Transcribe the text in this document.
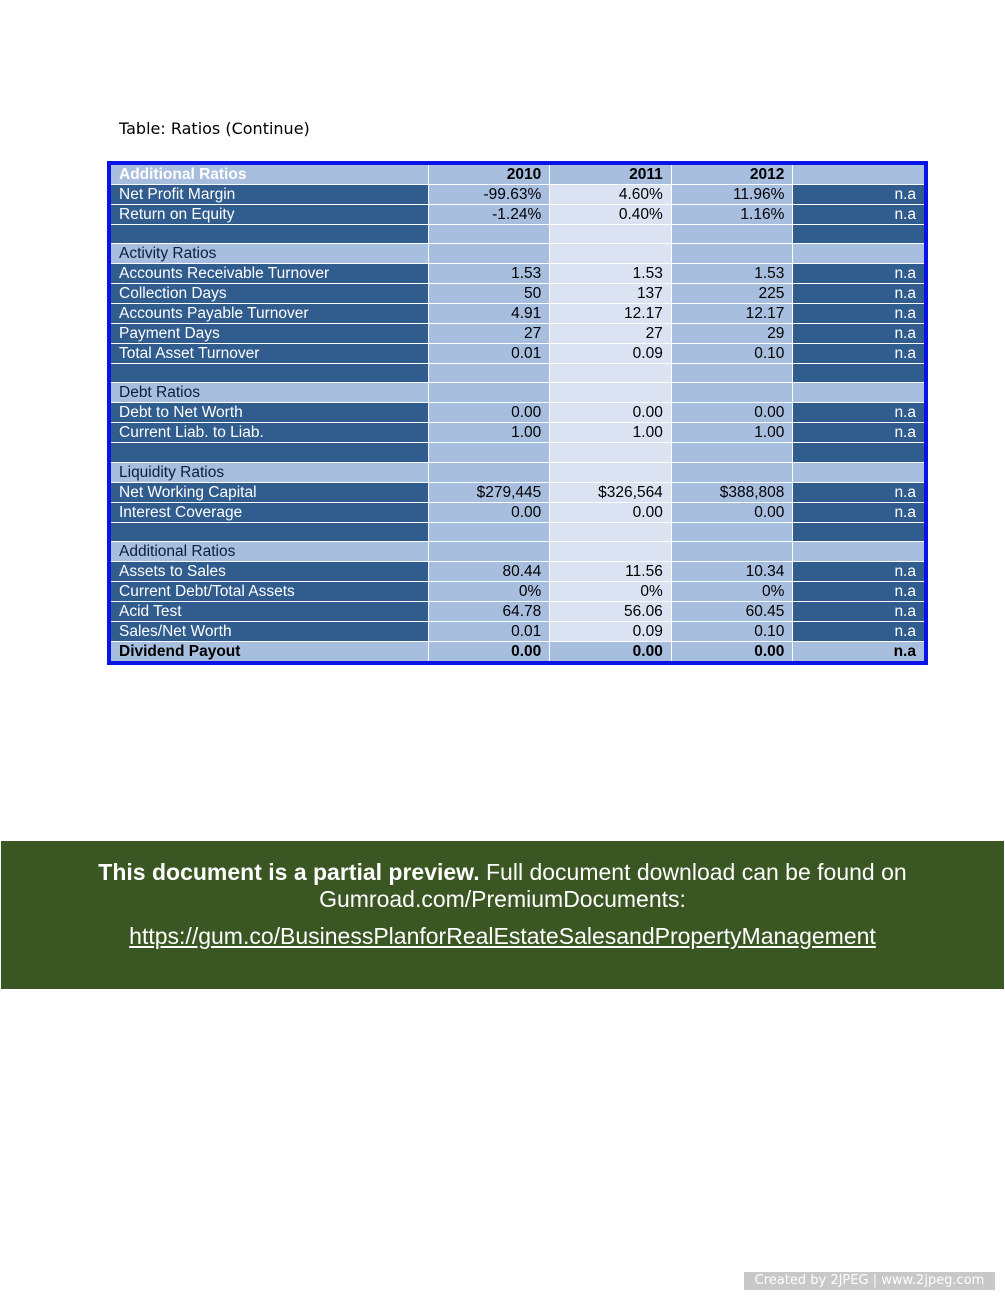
Table: Ratios (Continue)
Additional Ratios	2010	2011	2012	
Net Profit Margin	-99.63%	4.60%	11.96%	n.a
Return on Equity	-1.24%	0.40%	1.16%	n.a

Activity Ratios				
Accounts Receivable Turnover	1.53	1.53	1.53	n.a
Collection Days	50	137	225	n.a
Accounts Payable Turnover	4.91	12.17	12.17	n.a
Payment Days	27	27	29	n.a
Total Asset Turnover	0.01	0.09	0.10	n.a

Debt Ratios				
Debt to Net Worth	0.00	0.00	0.00	n.a
Current Liab. to Liab.	1.00	1.00	1.00	n.a

Liquidity Ratios				
Net Working Capital	$279,445	$326,564	$388,808	n.a
Interest Coverage	0.00	0.00	0.00	n.a

Additional Ratios				
Assets to Sales	80.44	11.56	10.34	n.a
Current Debt/Total Assets	0%	0%	0%	n.a
Acid Test	64.78	56.06	60.45	n.a
Sales/Net Worth	0.01	0.09	0.10	n.a
Dividend Payout	0.00	0.00	0.00	n.a
This document is a partial preview. Full document download can be found on
Gumroad.com/PremiumDocuments:
https://gum.co/BusinessPlanforRealEstateSalesandPropertyManagement
Created by 2JPEG | www.2jpeg.com
